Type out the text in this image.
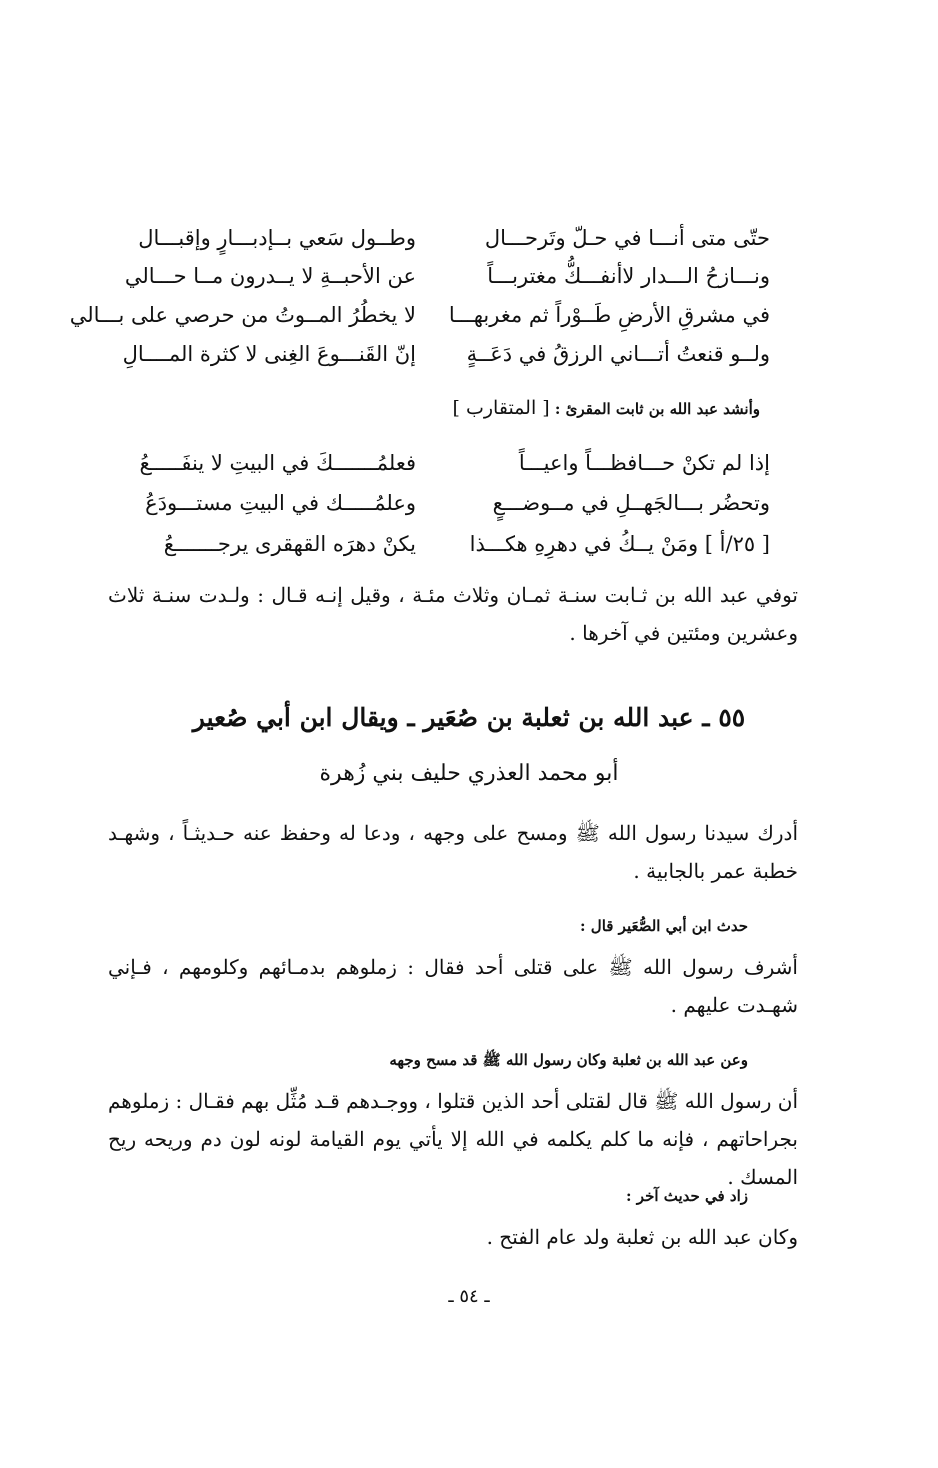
حتّى متى أنـــا في حـلّ وتَرحـــال
وطــول سَعي بــإدبـــارٍ وإقبـــال
ونـــازحُ الـــدار لاأنفـــكُّ مغتربـــاً
عن الأحبــةِ لا يــدرون مــا حـــالي
في مشرقِ الأرضِ طَــوْراً ثم مغربهـــا
لا يخطُرُ المــوتُ من حرصي على بـــالي
ولــو قنعتُ أتـــاني الرزقُ في دَعَــةٍ
إنّ القَنـــوعَ الغِنى لا كثرة المــــالِ
وأنشد عبد الله بن ثابت المقرئ : [ المتقارب ]
إذا لم تكنْ حـــافظـــاً واعيـــاً
فعلمُـــــــكَ في البيتِ لا ينفَـــــعُ
وتحضُر بـــالجَهــلِ في مــوضـــعٍ
وعلمُـــــك في البيتِ مستـــودَعُ
[ ٢٥/أ ] ومَنْ يــكُ في دهرِهِ هكـــذا
يكنْ دهرَه القهقرى يرجـــــــعُ
توفي عبد الله بن ثـابت سنـة ثمـان وثلاث مئـة ، وقيل إنـه قـال : ولـدت سنـة ثلاث وعشرين ومئتين في آخرها .
٥٥ ـ عبد الله بن ثعلبة بن صُعَير ـ ويقال ابن أبي صُعير
أبو محمد العذري حليف بني زُهرة
أدرك سيدنا رسول الله ﷺ ومسح على وجهه ، ودعا له وحفظ عنه حـديثـاً ، وشهـد خطبة عمر بالجابية .
حدث ابن أبي الصُّعَير قال :
أشرف رسول الله ﷺ على قتلى أحد فقال : زملوهم بدمـائهم وكلومهم ، فـإني شهـدت عليهم .
وعن عبد الله بن ثعلبة وكان رسول الله ﷺ قد مسح وجهه
أن رسول الله ﷺ قال لقتلى أحد الذين قتلوا ، ووجـدهم قـد مُثِّل بهم فقـال : زملوهم بجراحاتهم ، فإنه ما كلم يكلمه في الله إلا يأتي يوم القيامة لونه لون دم وريحه ريح المسك .
زاد في حديث آخر :
وكان عبد الله بن ثعلبة ولد عام الفتح .
ـ ٥٤ ـ
